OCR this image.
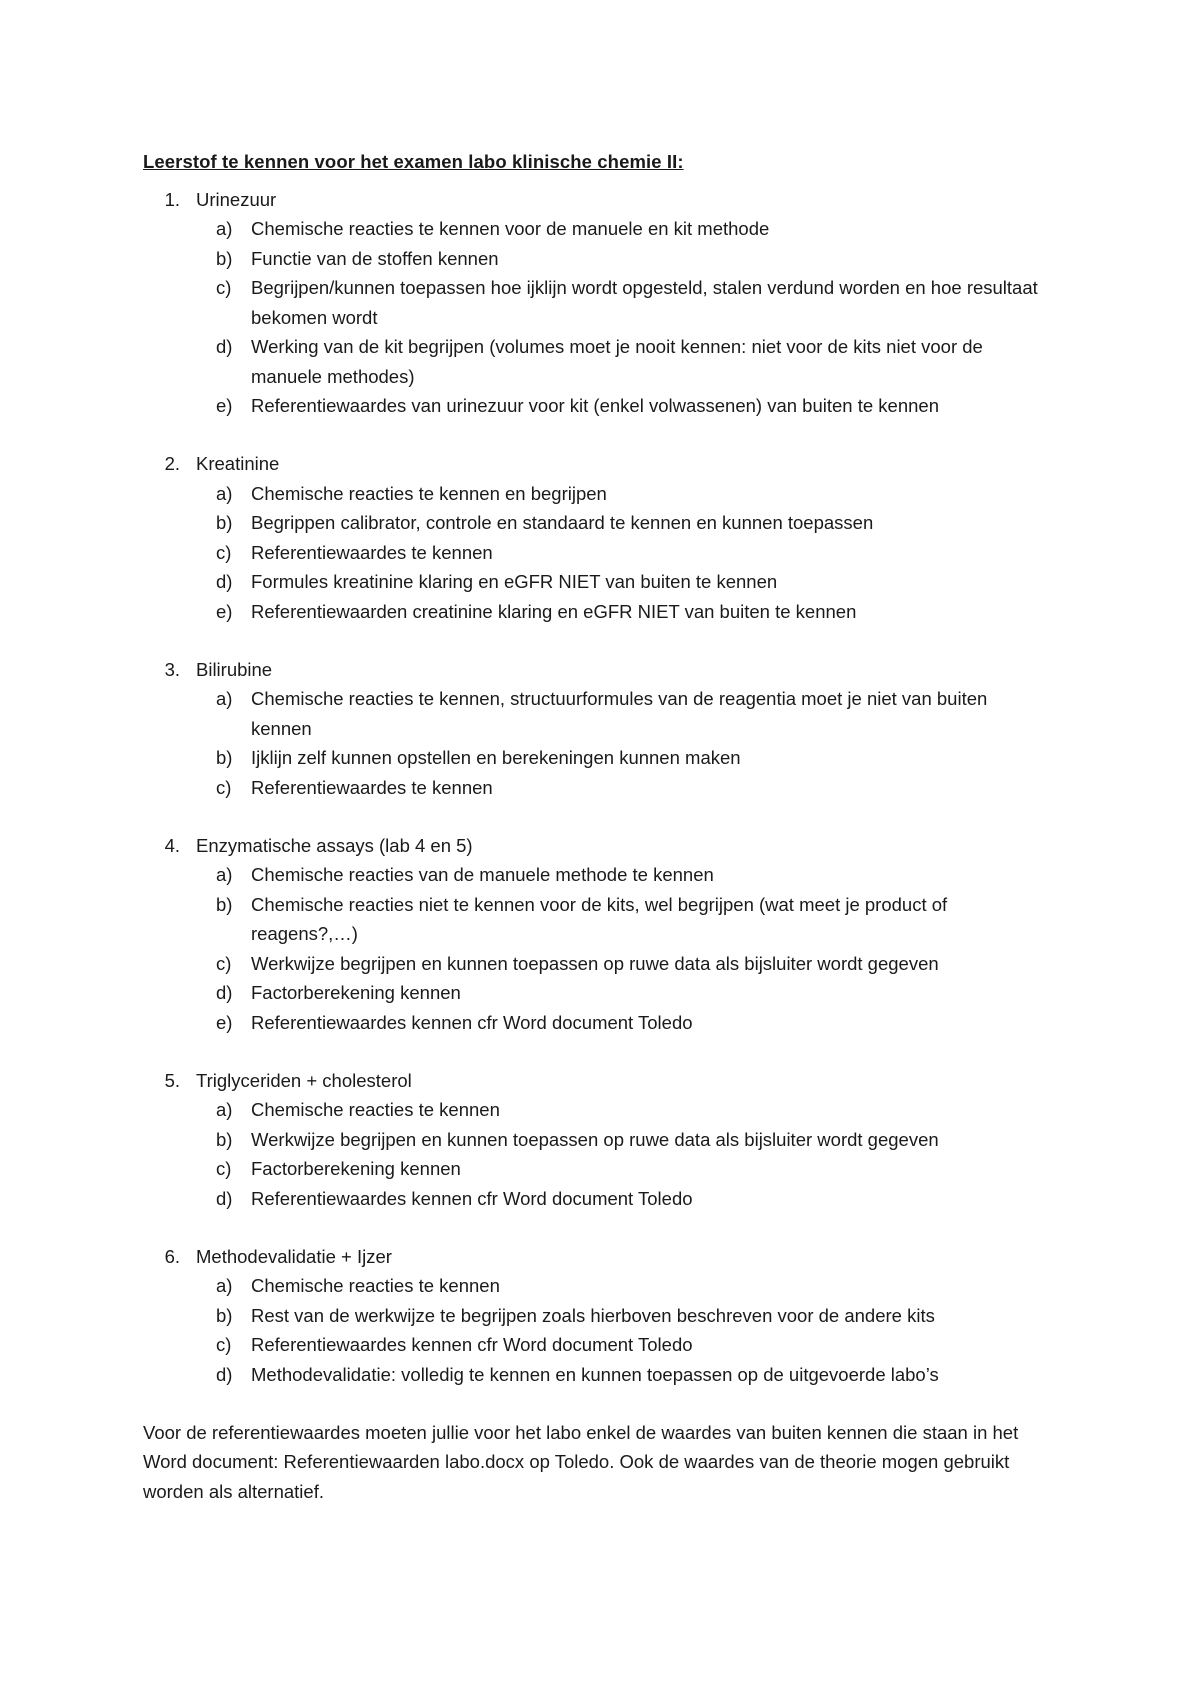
Leerstof te kennen voor het examen labo klinische chemie II:
1. Urinezuur
a)	Chemische reacties te kennen voor de manuele en kit methode
b)	Functie van de stoffen kennen
c)	Begrijpen/kunnen toepassen hoe ijklijn wordt opgesteld, stalen verdund worden en hoe resultaat bekomen wordt
d)	Werking van de kit begrijpen (volumes moet je nooit kennen: niet voor de kits niet voor de manuele methodes)
e)	Referentiewaardes van urinezuur voor kit (enkel volwassenen) van buiten te kennen
2. Kreatinine
a)	Chemische reacties te kennen en begrijpen
b)	Begrippen calibrator, controle en standaard te kennen en kunnen toepassen
c)	Referentiewaardes te kennen
d)	Formules kreatinine klaring en eGFR NIET van buiten te kennen
e)	Referentiewaarden creatinine klaring en eGFR NIET van buiten te kennen
3. Bilirubine
a)	Chemische reacties te kennen, structuurformules van de reagentia moet je niet van buiten kennen
b)	Ijklijn zelf kunnen opstellen en berekeningen kunnen maken
c)	Referentiewaardes te kennen
4. Enzymatische assays (lab 4 en 5)
a)	Chemische reacties van de manuele methode te kennen
b)	Chemische reacties niet te kennen voor de kits, wel begrijpen (wat meet je product of reagens?,…)
c)	Werkwijze begrijpen en kunnen toepassen op ruwe data als bijsluiter wordt gegeven
d)	Factorberekening kennen
e)	Referentiewaardes kennen cfr Word document Toledo
5. Triglyceriden + cholesterol
a)	Chemische reacties te kennen
b)	Werkwijze begrijpen en kunnen toepassen op ruwe data als bijsluiter wordt gegeven
c)	Factorberekening kennen
d)	Referentiewaardes kennen cfr Word document Toledo
6. Methodevalidatie + Ijzer
a)	Chemische reacties te kennen
b)	Rest van de werkwijze te begrijpen zoals hierboven beschreven voor de andere kits
c)	Referentiewaardes kennen cfr Word document Toledo
d)	Methodevalidatie: volledig te kennen en kunnen toepassen op de uitgevoerde labo’s
Voor de referentiewaardes moeten jullie voor het labo enkel de waardes van buiten kennen die staan in het Word document: Referentiewaarden labo.docx op Toledo. Ook de waardes van de theorie mogen gebruikt worden als alternatief.
